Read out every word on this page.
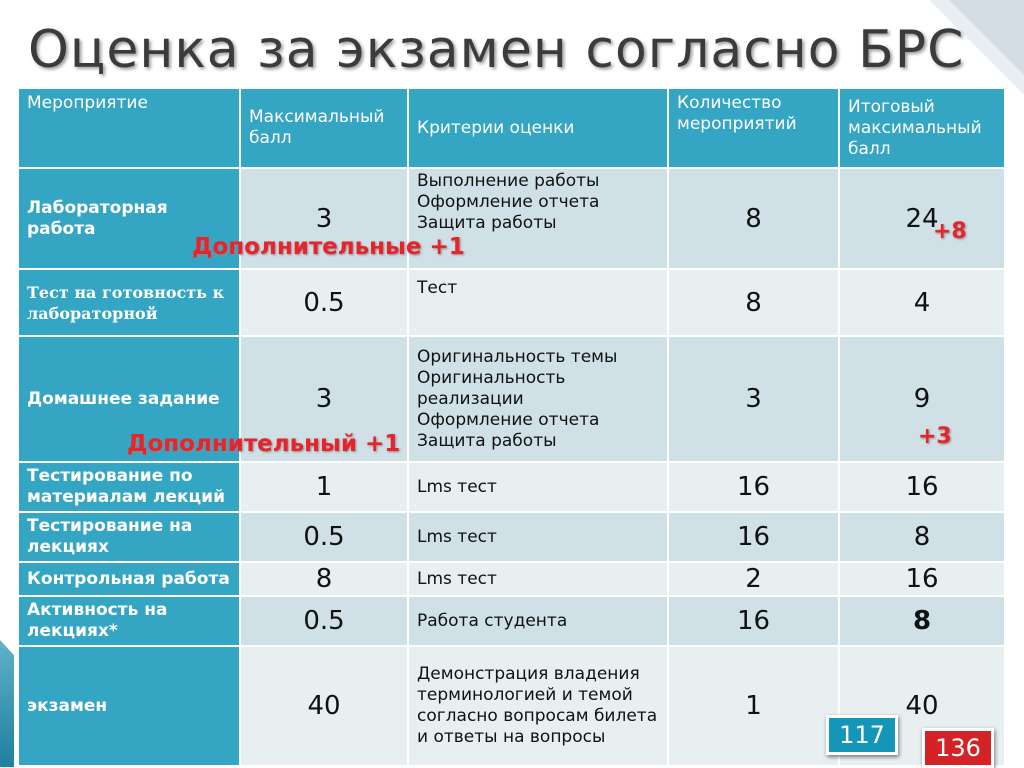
Оценка за экзамен согласно БРС
Мероприятие	Максимальный балл	Критерии оценки	Количество мероприятий	Итоговый максимальный балл
Лабораторная работа	3	Выполнение работы
Оформление отчета
Защита работы	8	24
Тест на готовность к лабораторной	0.5	Тест	8	4
Домашнее задание	3	Оригинальность темы
Оригинальность реализации
Оформление отчета
Защита работы	3	9
Тестирование по материалам лекций	1	Lms тест	16	16
Тестирование на лекциях	0.5	Lms тест	16	8
Контрольная работа	8	Lms тест	2	16
Активность на лекциях*	0.5	Работа студента	16	8
экзамен	40	Демонстрация владения терминологией и темой согласно вопросам билета и ответы на вопросы	1	40
Дополнительные +1
+8
Дополнительный +1	+3
117	136
